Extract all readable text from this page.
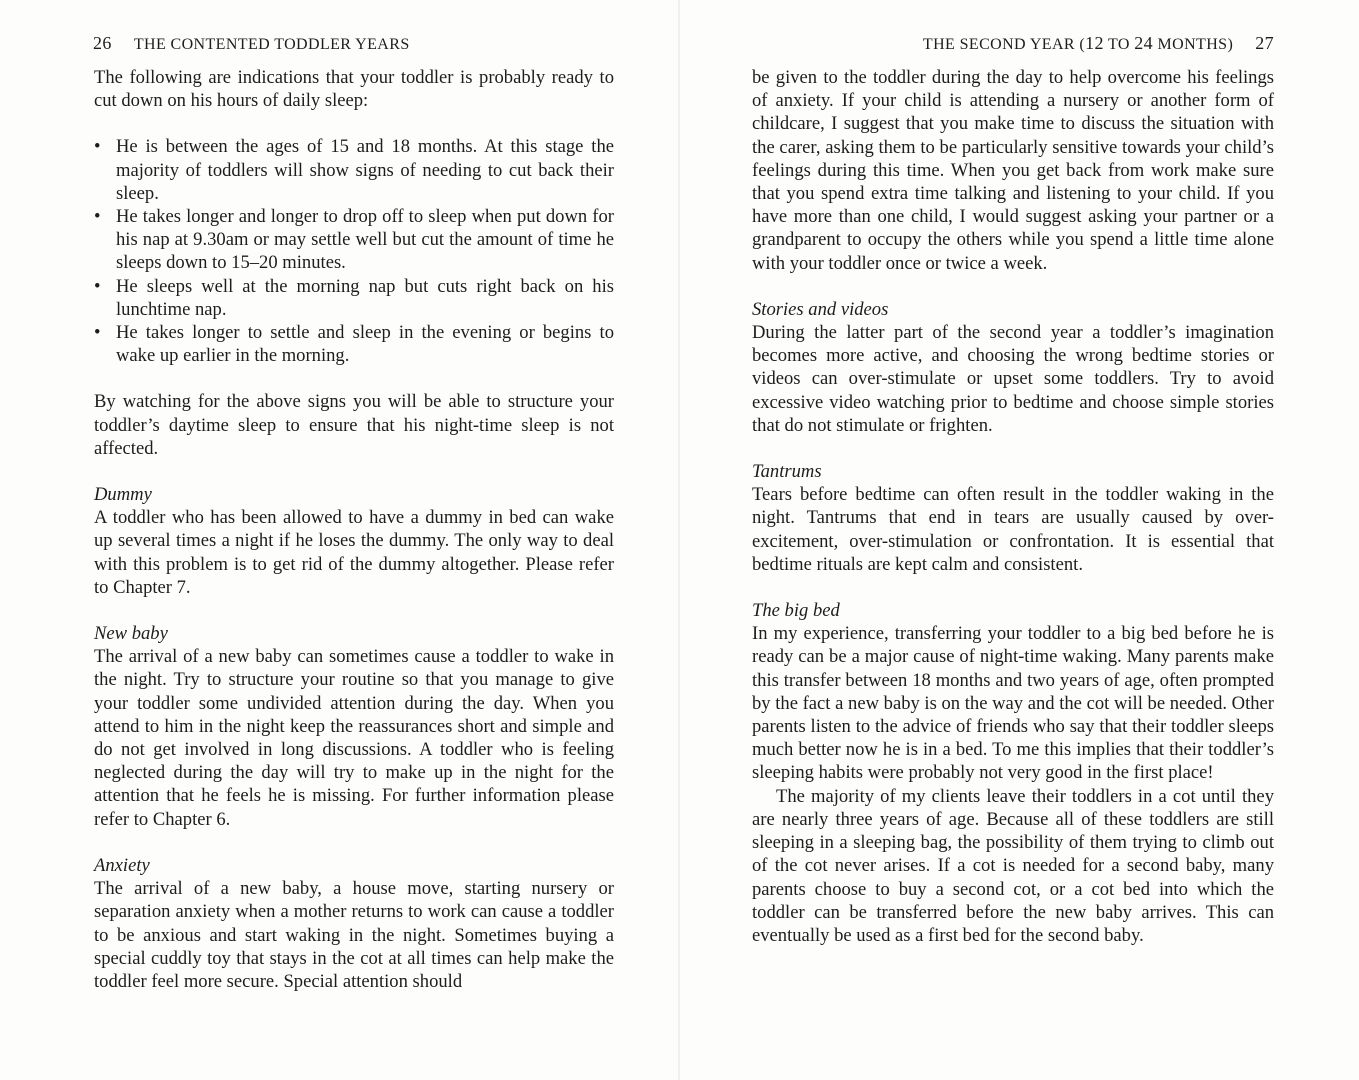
26 THE CONTENTED TODDLER YEARS

The following are indications that your toddler is probably ready to cut down on his hours of daily sleep:

• He is between the ages of 15 and 18 months. At this stage the majority of toddlers will show signs of needing to cut back their sleep.
• He takes longer and longer to drop off to sleep when put down for his nap at 9.30am or may settle well but cut the amount of time he sleeps down to 15–20 minutes.
• He sleeps well at the morning nap but cuts right back on his lunchtime nap.
• He takes longer to settle and sleep in the evening or begins to wake up earlier in the morning.

By watching for the above signs you will be able to structure your toddler’s daytime sleep to ensure that his night-time sleep is not affected.

Dummy

A toddler who has been allowed to have a dummy in bed can wake up several times a night if he loses the dummy. The only way to deal with this problem is to get rid of the dummy altogether. Please refer to Chapter 7.

New baby

The arrival of a new baby can sometimes cause a toddler to wake in the night. Try to structure your routine so that you manage to give your toddler some undivided attention during the day. When you attend to him in the night keep the reassurances short and simple and do not get involved in long discussions. A toddler who is feeling neglected during the day will try to make up in the night for the attention that he feels he is missing. For further information please refer to Chapter 6.

Anxiety

The arrival of a new baby, a house move, starting nursery or separation anxiety when a mother returns to work can cause a toddler to be anxious and start waking in the night. Sometimes buying a special cuddly toy that stays in the cot at all times can help make the toddler feel more secure. Special attention should

THE SECOND YEAR (12 TO 24 MONTHS) 27

be given to the toddler during the day to help overcome his feelings of anxiety. If your child is attending a nursery or another form of childcare, I suggest that you make time to discuss the situation with the carer, asking them to be particularly sensitive towards your child’s feelings during this time. When you get back from work make sure that you spend extra time talking and listening to your child. If you have more than one child, I would suggest asking your partner or a grandparent to occupy the others while you spend a little time alone with your toddler once or twice a week.

Stories and videos

During the latter part of the second year a toddler’s imagination becomes more active, and choosing the wrong bedtime stories or videos can over-stimulate or upset some toddlers. Try to avoid excessive video watching prior to bedtime and choose simple stories that do not stimulate or frighten.

Tantrums

Tears before bedtime can often result in the toddler waking in the night. Tantrums that end in tears are usually caused by over-excitement, over-stimulation or confrontation. It is essential that bedtime rituals are kept calm and consistent.

The big bed

In my experience, transferring your toddler to a big bed before he is ready can be a major cause of night-time waking. Many parents make this transfer between 18 months and two years of age, often prompted by the fact a new baby is on the way and the cot will be needed. Other parents listen to the advice of friends who say that their toddler sleeps much better now he is in a bed. To me this implies that their toddler’s sleeping habits were probably not very good in the first place!

The majority of my clients leave their toddlers in a cot until they are nearly three years of age. Because all of these toddlers are still sleeping in a sleeping bag, the possibility of them trying to climb out of the cot never arises. If a cot is needed for a second baby, many parents choose to buy a second cot, or a cot bed into which the toddler can be transferred before the new baby arrives. This can eventually be used as a first bed for the second baby.
